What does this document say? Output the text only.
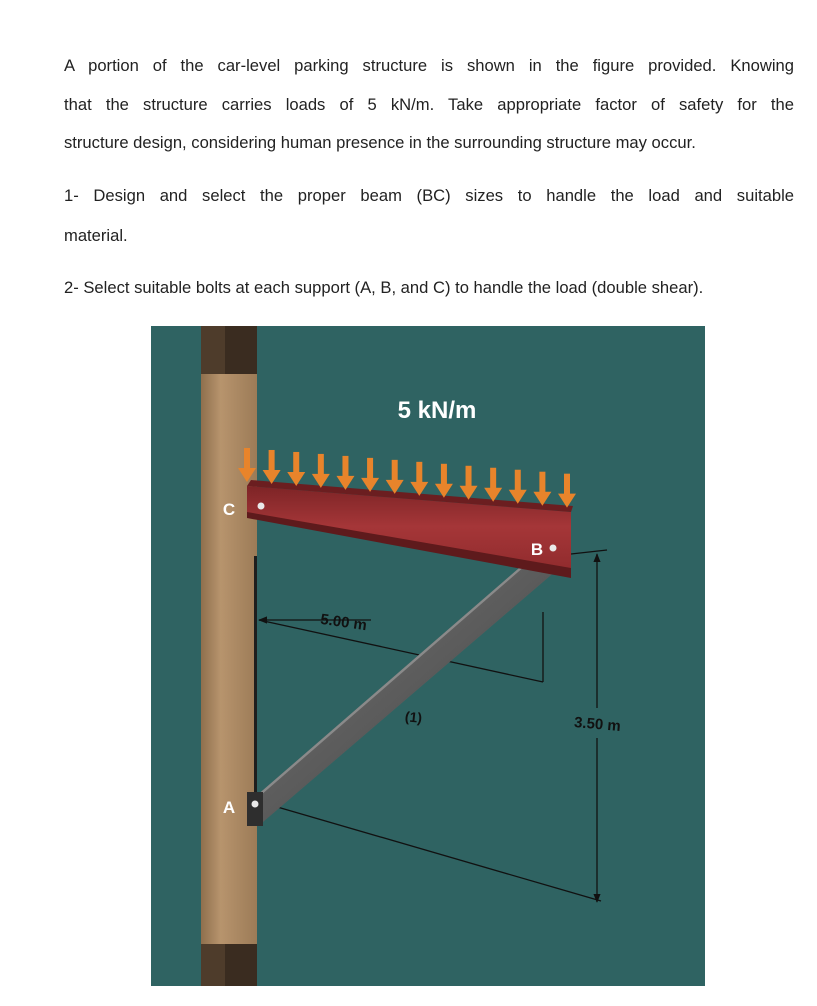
A portion of the car-level parking structure is shown in the figure provided. Knowing

that the structure carries loads of 5 kN/m. Take appropriate factor of safety for the

structure design, considering human presence in the surrounding structure may occur.

1- Design and select the proper beam (BC) sizes to handle the load and suitable

material.

2- Select suitable bolts at each support (A, B, and C) to handle the load (double shear).

5 kN/m
C
B
A
(1)
5.00 m
3.50 m
